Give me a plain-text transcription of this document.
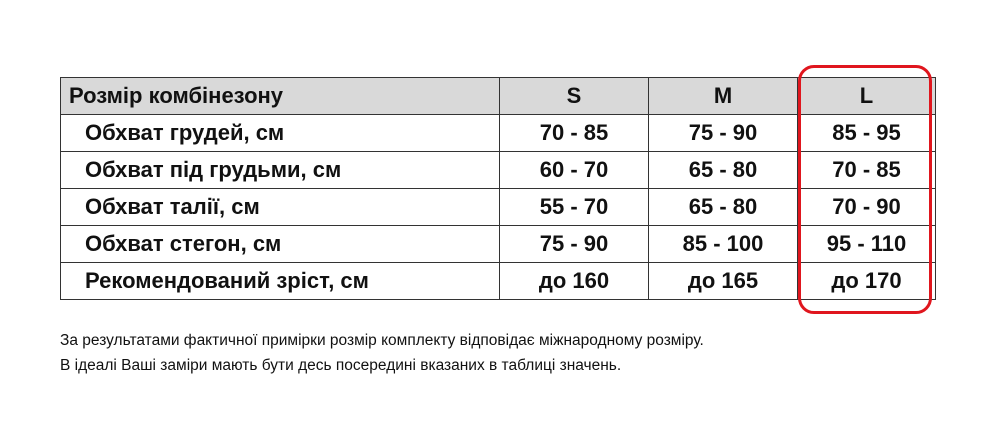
Розмір комбінезону	S	M	L
Обхват грудей, см	70 - 85	75 - 90	85 - 95
Обхват під грудьми, см	60 - 70	65 - 80	70 - 85
Обхват талії, см	55 - 70	65 - 80	70 - 90
Обхват стегон, см	75 - 90	85 - 100	95 - 110
Рекомендований зріст, см	до 160	до 165	до 170
За результатами фактичної примірки розмір комплекту відповідає міжнародному розміру.
В ідеалі Ваші заміри мають бути десь посередині вказаних в таблиці значень.
